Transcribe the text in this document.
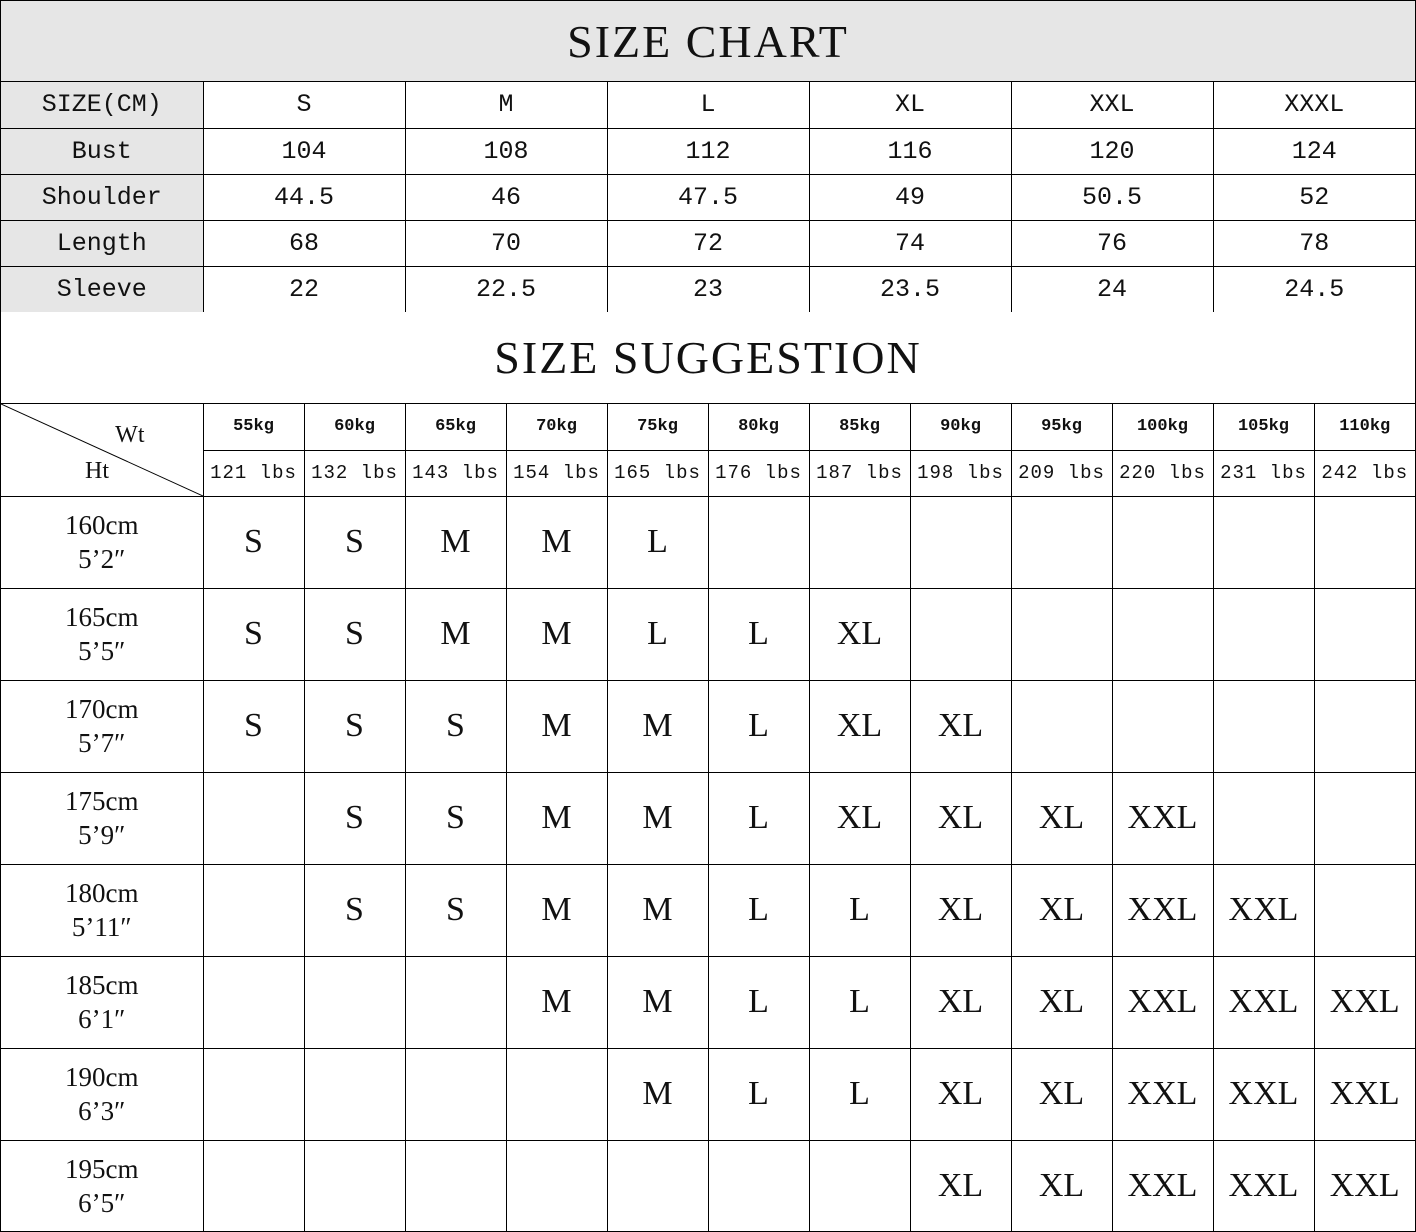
SIZE CHART
SIZE(CM)	S	M	L	XL	XXL	XXXL
Bust	104	108	112	116	120	124
Shoulder	44.5	46	47.5	49	50.5	52
Length	68	70	72	74	76	78
Sleeve	22	22.5	23	23.5	24	24.5
SIZE SUGGESTION
Wt
Ht	55kg	60kg	65kg	70kg	75kg	80kg	85kg	90kg	95kg	100kg	105kg	110kg
	121 lbs	132 lbs	143 lbs	154 lbs	165 lbs	176 lbs	187 lbs	198 lbs	209 lbs	220 lbs	231 lbs	242 lbs

160cm
5’2″	S	S	M	M	L							

165cm
5’5″	S	S	M	M	L	L	XL					

170cm
5’7″	S	S	S	M	M	L	XL	XL				

175cm
5’9″		S	S	M	M	L	XL	XL	XL	XXL		

180cm
5’11″		S	S	M	M	L	L	XL	XL	XXL	XXL	

185cm
6’1″				M	M	L	L	XL	XL	XXL	XXL	XXL

190cm
6’3″					M	L	L	XL	XL	XXL	XXL	XXL

195cm
6’5″								XL	XL	XXL	XXL	XXL
